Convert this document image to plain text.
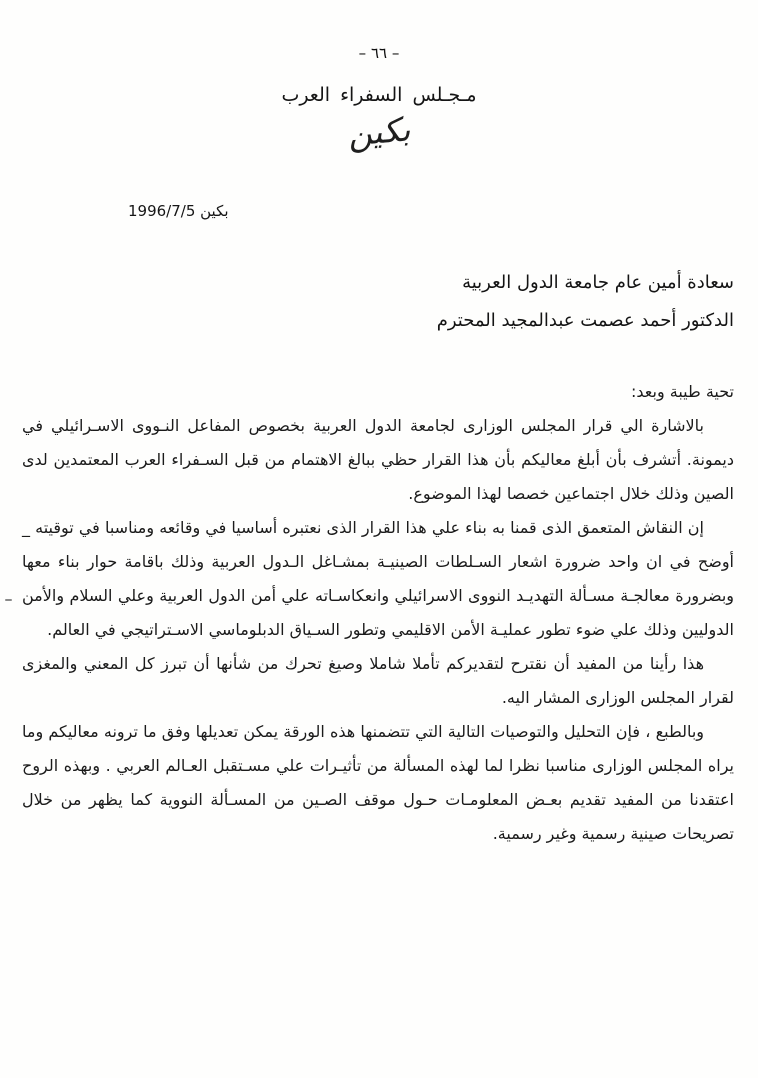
– ٦٦ –
مـجـلس السفراء العرب
بكين
بكين 1996/7/5
سعادة أمين عام جامعة الدول العربية
الدكتور أحمد عصمت عبدالمجيد المحترم

تحية طيبة وبعد:

بالاشارة الي قرار المجلس الوزارى لجامعة الدول العربية بخصوص المفاعل النـووى الاسـرائيلي في ديمونة. أتشرف بأن أبلغ معاليكم بأن هذا القرار حظي ببالغ الاهتمام من قبل السـفراء العرب المعتمدين لدى الصين وذلك خلال اجتماعين خصصا لهذا الموضوع.

إن النقاش المتعمق الذى قمنا به بناء علي هذا القرار الذى نعتبره أساسيا في وقائعه ومناسبا في توقيته _ أوضح في ان واحد ضرورة اشعار السـلطات الصينيـة بمشـاغل الـدول العربية وذلك باقامة حوار بناء معها وبضرورة معالجـة مسـألة التهديـد النووى الاسرائيلي وانعكاسـاته علي أمن الدول العربية وعلي السلام والأمن الدوليين وذلك علي ضوء تطور عمليـة الأمن الاقليمي وتطور السـياق الدبلوماسي الاسـتراتيجي في العالم.

هذا رأينا من المفيد أن نقترح لتقديركم تأملا شاملا وصيغ تحرك من شأنها أن تبرز كل المعني والمغزى لقرار المجلس الوزارى المشار اليه.

وبالطبع ، فإن التحليل والتوصيات التالية التي تتضمنها هذه الورقة يمكن تعديلها وفق ما ترونه معاليكم وما يراه المجلس الوزارى مناسبا نظرا لما لهذه المسألة من تأثيـرات علي مسـتقبل العـالم العربي . وبهذه الروح اعتقدنا من المفيد تقديم بعـض المعلومـات حـول موقف الصـين من المسـألة النووية كما يظهر من خلال تصريحات صينية رسمية وغير رسمية.
